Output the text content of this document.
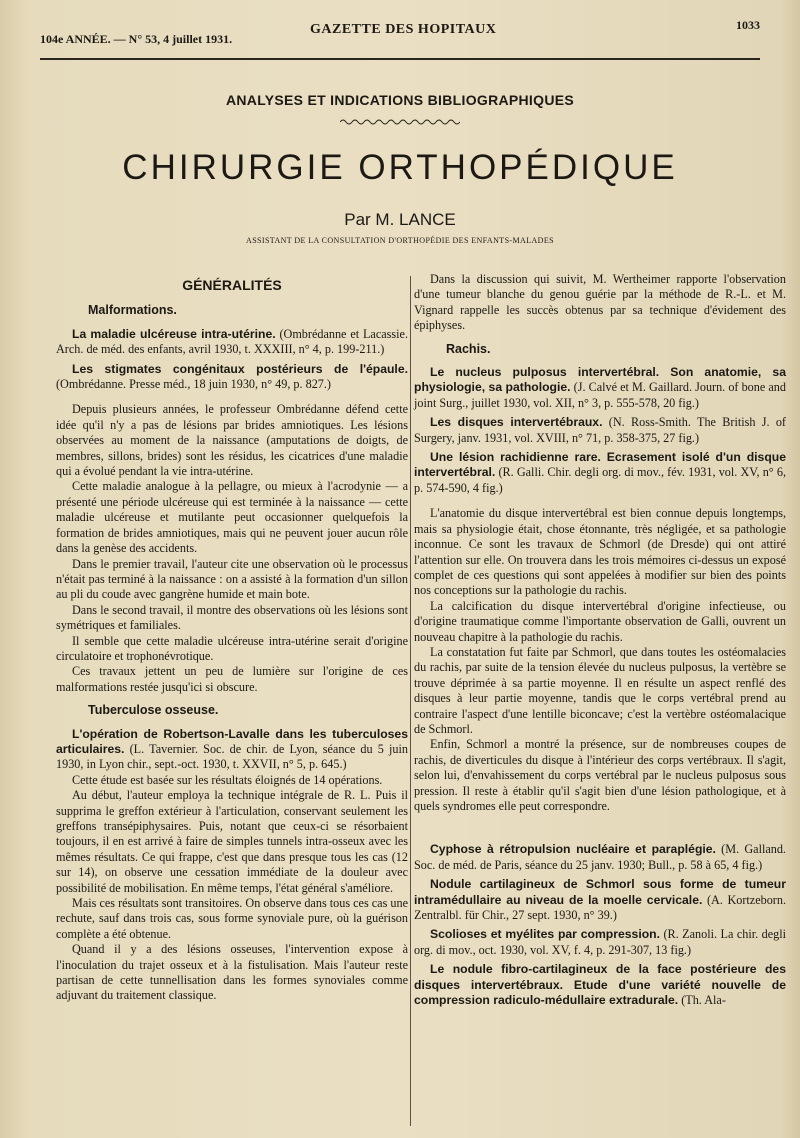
104e ANNÉE. — N° 53, 4 juillet 1931.
GAZETTE DES HOPITAUX	1033
ANALYSES ET INDICATIONS BIBLIOGRAPHIQUES
CHIRURGIE ORTHOPÉDIQUE
Par M. LANCE
ASSISTANT DE LA CONSULTATION D'ORTHOPÉDIE DES ENFANTS-MALADES
GÉNÉRALITÉS
Malformations.

La maladie ulcéreuse intra-utérine. (Ombrédanne et Lacassie. Arch. de méd. des enfants, avril 1930, t. XXXIII, n° 4, p. 199-211.)

Les stigmates congénitaux postérieurs de l'épaule. (Ombrédanne. Presse méd., 18 juin 1930, n° 49, p. 827.)

Depuis plusieurs années, le professeur Ombrédanne défend cette idée qu'il n'y a pas de lésions par brides amniotiques. Les lésions observées au moment de la naissance (amputations de doigts, de membres, sillons, brides) sont les résidus, les cicatrices d'une maladie qui a évolué pendant la vie intra-utérine.

Cette maladie analogue à la pellagre, ou mieux à l'acrodynie — a présenté une période ulcéreuse qui est terminée à la naissance — cette maladie ulcéreuse et mutilante peut occasionner quelquefois la formation de brides amniotiques, mais qui ne peuvent jouer aucun rôle dans la genèse des accidents.

Dans le premier travail, l'auteur cite une observation où le processus n'était pas terminé à la naissance : on a assisté à la formation d'un sillon au pli du coude avec gangrène humide et main bote.

Dans le second travail, il montre des observations où les lésions sont symétriques et familiales.

Il semble que cette maladie ulcéreuse intra-utérine serait d'origine circulatoire et trophonévrotique.

Ces travaux jettent un peu de lumière sur l'origine de ces malformations restée jusqu'ici si obscure.

Tuberculose osseuse.

L'opération de Robertson-Lavalle dans les tuberculoses articulaires. (L. Tavernier. Soc. de chir. de Lyon, séance du 5 juin 1930, in Lyon chir., sept.-oct. 1930, t. XXVII, n° 5, p. 645.)

Cette étude est basée sur les résultats éloignés de 14 opérations.

Au début, l'auteur employa la technique intégrale de R. L. Puis il supprima le greffon extérieur à l'articulation, conservant seulement les greffons transépiphysaires. Puis, notant que ceux-ci se résorbaient toujours, il en est arrivé à faire de simples tunnels intra-osseux avec les mêmes résultats. Ce qui frappe, c'est que dans presque tous les cas (12 sur 14), on observe une cessation immédiate de la douleur avec possibilité de mobilisation. En même temps, l'état général s'améliore.

Mais ces résultats sont transitoires. On observe dans tous ces cas une rechute, sauf dans trois cas, sous forme synoviale pure, où la guérison complète a été obtenue.

Quand il y a des lésions osseuses, l'intervention expose à l'inoculation du trajet osseux et à la fistulisation. Mais l'auteur reste partisan de cette tunnellisation dans les formes synoviales comme adjuvant du traitement classique.

Dans la discussion qui suivit, M. Wertheimer rapporte l'observation d'une tumeur blanche du genou guérie par la méthode de R.-L. et M. Vignard rappelle les succès obtenus par sa technique d'évidement des épiphyses.

Rachis.

Le nucleus pulposus intervertébral. Son anatomie, sa physiologie, sa pathologie. (J. Calvé et M. Gaillard. Journ. of bone and joint Surg., juillet 1930, vol. XII, n° 3, p. 555-578, 20 fig.)

Les disques intervertébraux. (N. Ross-Smith. The British J. of Surgery, janv. 1931, vol. XVIII, n° 71, p. 358-375, 27 fig.)

Une lésion rachidienne rare. Ecrasement isolé d'un disque intervertébral. (R. Galli. Chir. degli org. di mov., fév. 1931, vol. XV, n° 6, p. 574-590, 4 fig.)

L'anatomie du disque intervertébral est bien connue depuis longtemps, mais sa physiologie était, chose étonnante, très négligée, et sa pathologie inconnue. Ce sont les travaux de Schmorl (de Dresde) qui ont attiré l'attention sur elle. On trouvera dans les trois mémoires ci-dessus un exposé complet de ces questions qui sont appelées à modifier sur bien des points nos conceptions sur la pathologie du rachis.

La calcification du disque intervertébral d'origine infectieuse, ou d'origine traumatique comme l'importante observation de Galli, ouvrent un nouveau chapitre à la pathologie du rachis.

La constatation fut faite par Schmorl, que dans toutes les ostéomalacies du rachis, par suite de la tension élevée du nucleus pulposus, la vertèbre se trouve déprimée à sa partie moyenne. Il en résulte un aspect renflé des disques à leur partie moyenne, tandis que le corps vertébral prend au contraire l'aspect d'une lentille biconcave; c'est la vertèbre ostéomalacique de Schmorl.

Enfin, Schmorl a montré la présence, sur de nombreuses coupes de rachis, de diverticules du disque à l'intérieur des corps vertébraux. Il s'agit, selon lui, d'envahissement du corps vertébral par le nucleus pulposus sous pression. Il reste à établir qu'il s'agit bien d'une lésion pathologique, et à quels syndromes elle peut correspondre.

Cyphose à rétropulsion nucléaire et paraplégie. (M. Galland. Soc. de méd. de Paris, séance du 25 janv. 1930; Bull., p. 58 à 65, 4 fig.)

Nodule cartilagineux de Schmorl sous forme de tumeur intramédullaire au niveau de la moelle cervicale. (A. Kortzeborn. Zentralbl. für Chir., 27 sept. 1930, n° 39.)

Scolioses et myélites par compression. (R. Zanoli. La chir. degli org. di mov., oct. 1930, vol. XV, f. 4, p. 291-307, 13 fig.)

Le nodule fibro-cartilagineux de la face postérieure des disques intervertébraux. Etude d'une variété nouvelle de compression radiculo-médullaire extradurale. (Th. Ala-
